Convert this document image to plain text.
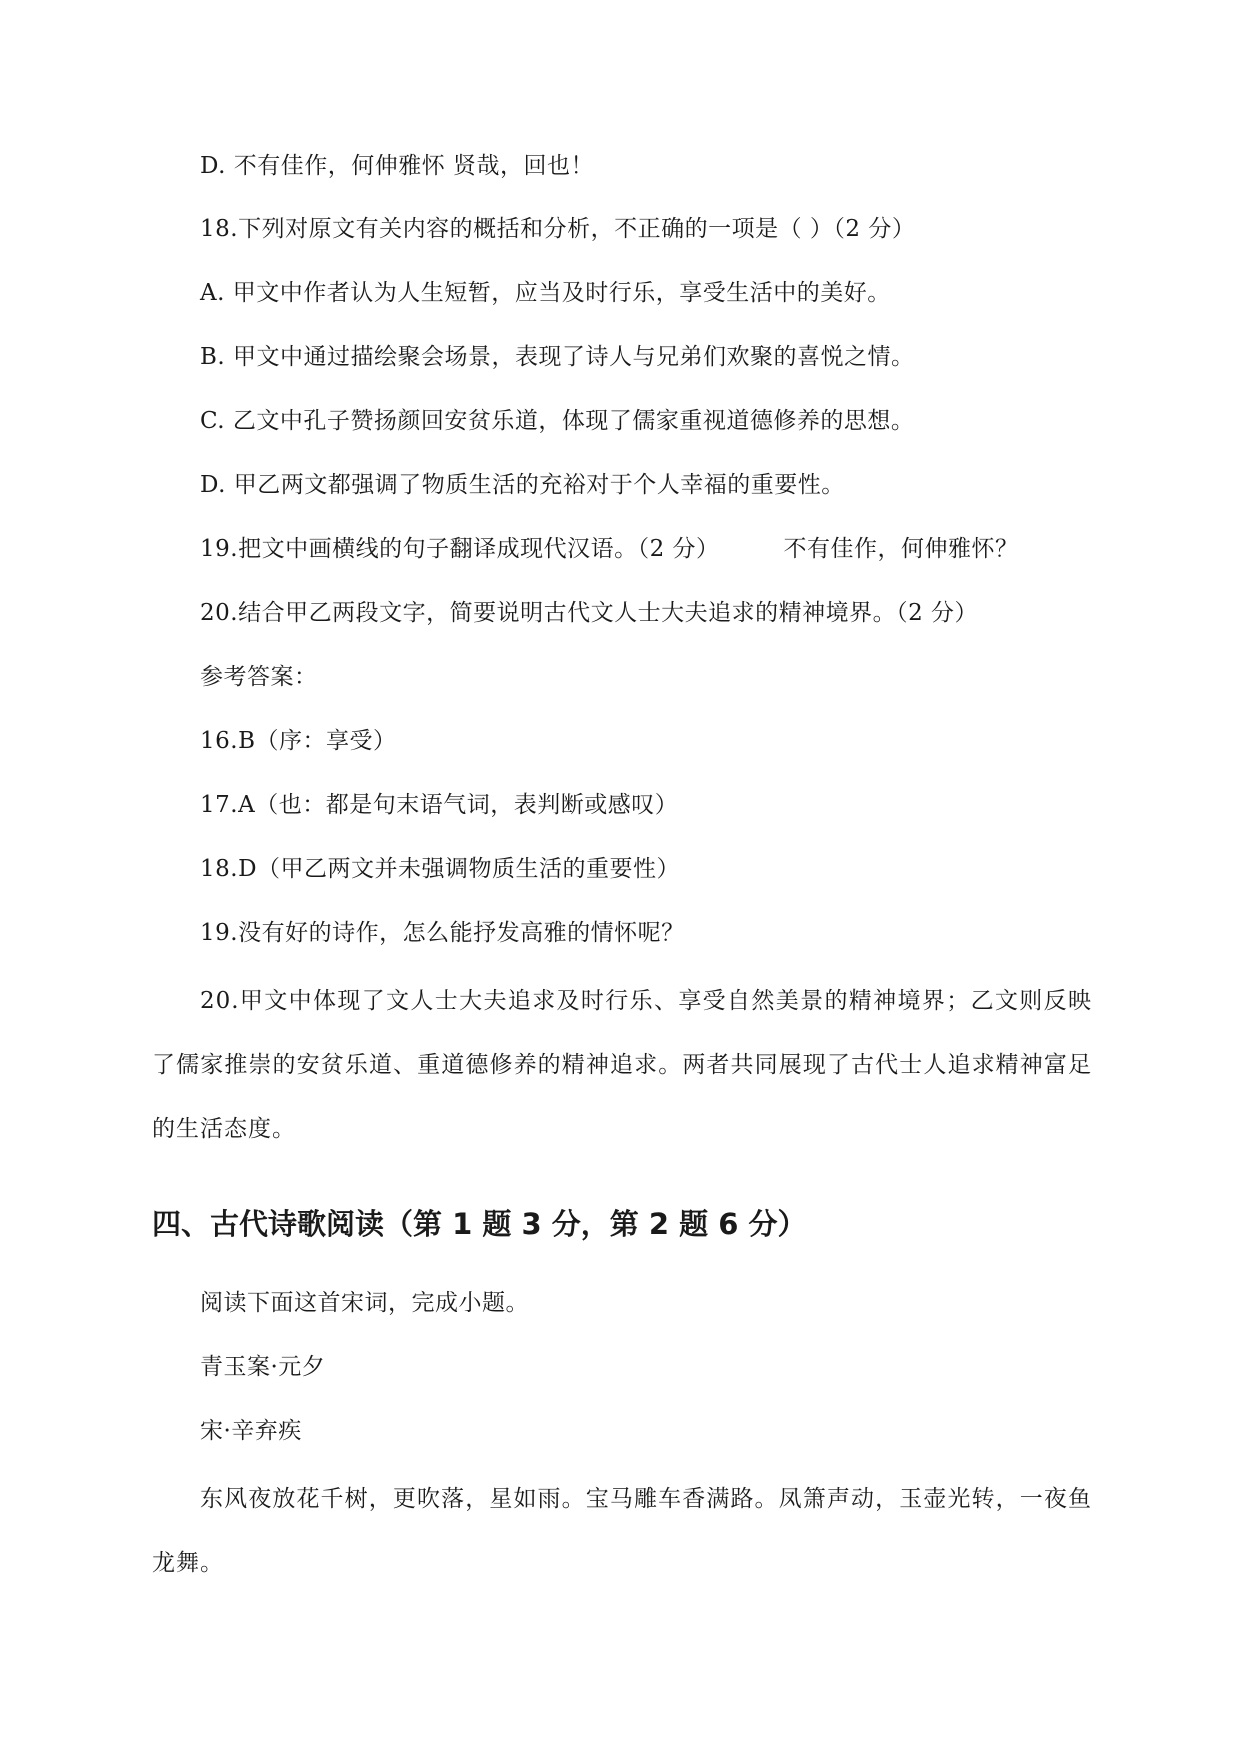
D. 不有佳作，何伸雅怀 贤哉，回也！
18.下列对原文有关内容的概括和分析，不正确的一项是（ ）（2 分）
A. 甲文中作者认为人生短暂，应当及时行乐，享受生活中的美好。
B. 甲文中通过描绘聚会场景，表现了诗人与兄弟们欢聚的喜悦之情。
C. 乙文中孔子赞扬颜回安贫乐道，体现了儒家重视道德修养的思想。
D. 甲乙两文都强调了物质生活的充裕对于个人幸福的重要性。
19.把文中画横线的句子翻译成现代汉语。（2 分）	不有佳作，何伸雅怀？
20.结合甲乙两段文字，简要说明古代文人士大夫追求的精神境界。（2 分）
参考答案：
16.B（序：享受）
17.A（也：都是句末语气词，表判断或感叹）
18.D（甲乙两文并未强调物质生活的重要性）
19.没有好的诗作，怎么能抒发高雅的情怀呢？
20.甲文中体现了文人士大夫追求及时行乐、享受自然美景的精神境界；乙文则反映了儒家推崇的安贫乐道、重道德修养的精神追求。两者共同展现了古代士人追求精神富足的生活态度。
四、古代诗歌阅读（第 1 题 3 分，第 2 题 6 分）
阅读下面这首宋词，完成小题。
青玉案·元夕
宋·辛弃疾
东风夜放花千树，更吹落，星如雨。宝马雕车香满路。凤箫声动，玉壶光转，一夜鱼龙舞。
